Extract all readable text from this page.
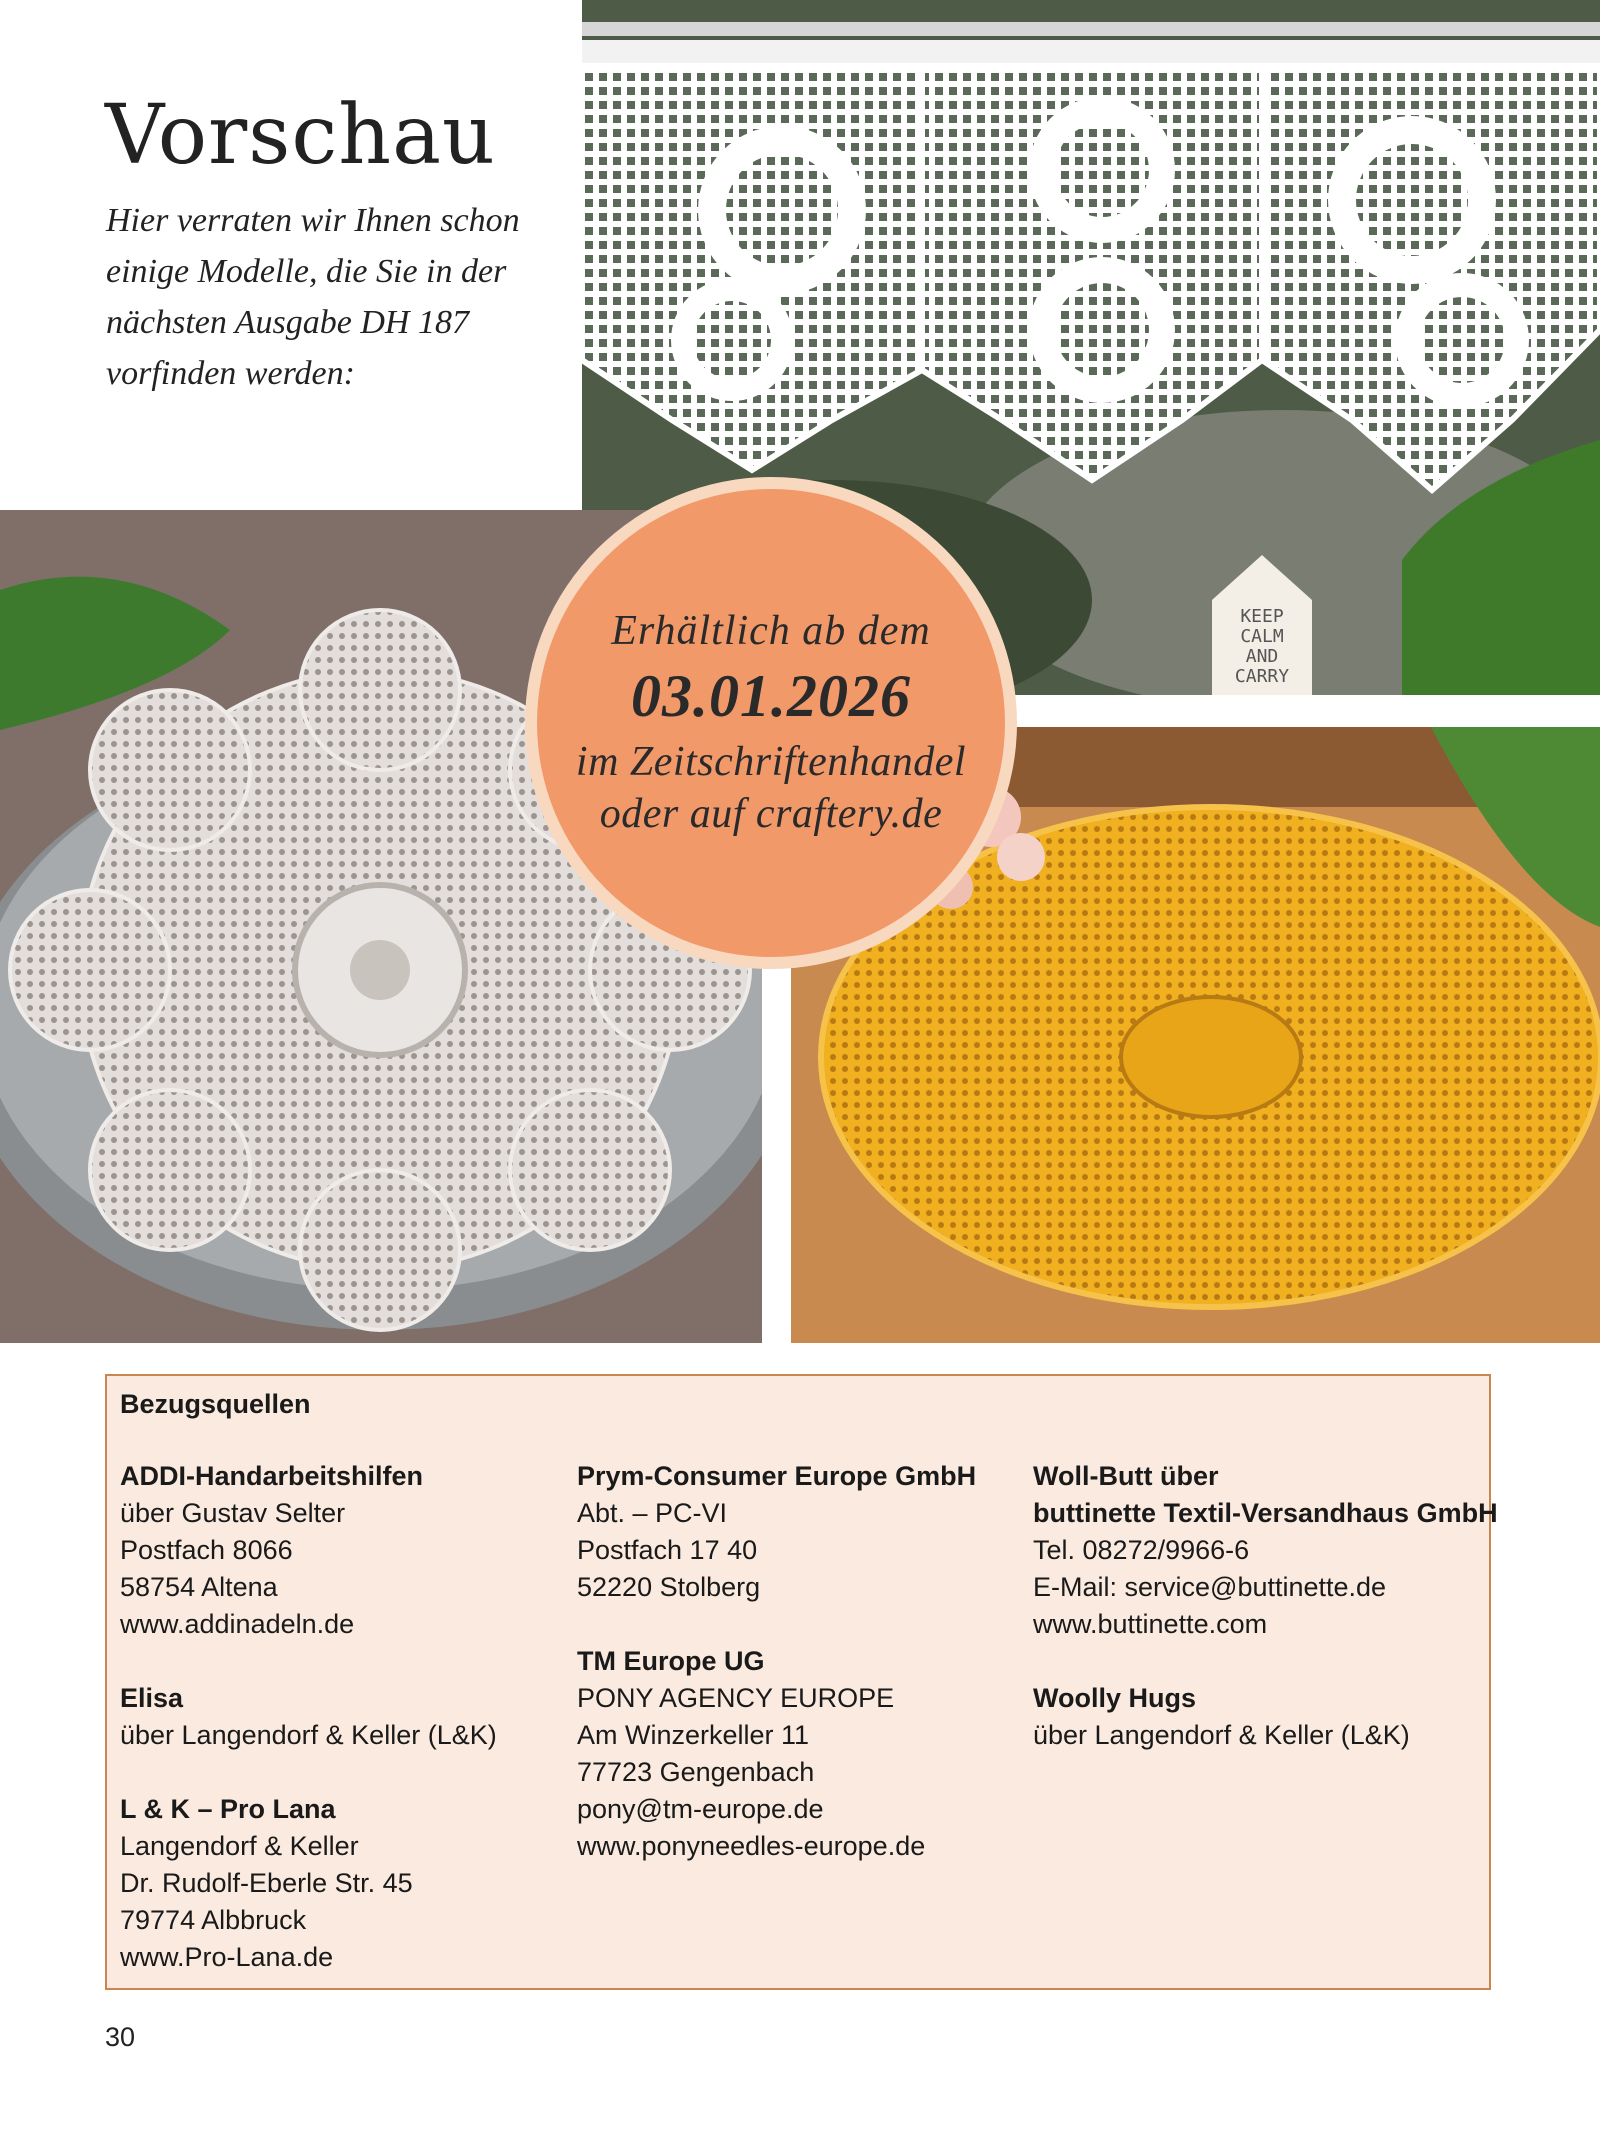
Vorschau
Hier verraten wir Ihnen schon
einige Modelle, die Sie in der
nächsten Ausgabe DH 187
vorfinden werden:
KEEP
CALM
AND
CARRY
Erhältlich ab dem
03.01.2026
im Zeitschriftenhandel
oder auf craftery.de
Bezugsquellen
ADDI-Handarbeitshilfen
über Gustav Selter
Postfach 8066
58754 Altena
www.addinadeln.de
Elisa
über Langendorf & Keller (L&K)
L & K – Pro Lana
Langendorf & Keller
Dr. Rudolf-Eberle Str. 45
79774 Albbruck
www.Pro-Lana.de
Prym-Consumer Europe GmbH
Abt. – PC-VI
Postfach 17 40
52220 Stolberg
TM Europe UG
PONY AGENCY EUROPE
Am Winzerkeller 11
77723 Gengenbach
pony@tm-europe.de
www.ponyneedles-europe.de
Woll-Butt über
buttinette Textil-Versandhaus GmbH
Tel. 08272/9966-6
E-Mail: service@buttinette.de
www.buttinette.com
Woolly Hugs
über Langendorf & Keller (L&K)
30
